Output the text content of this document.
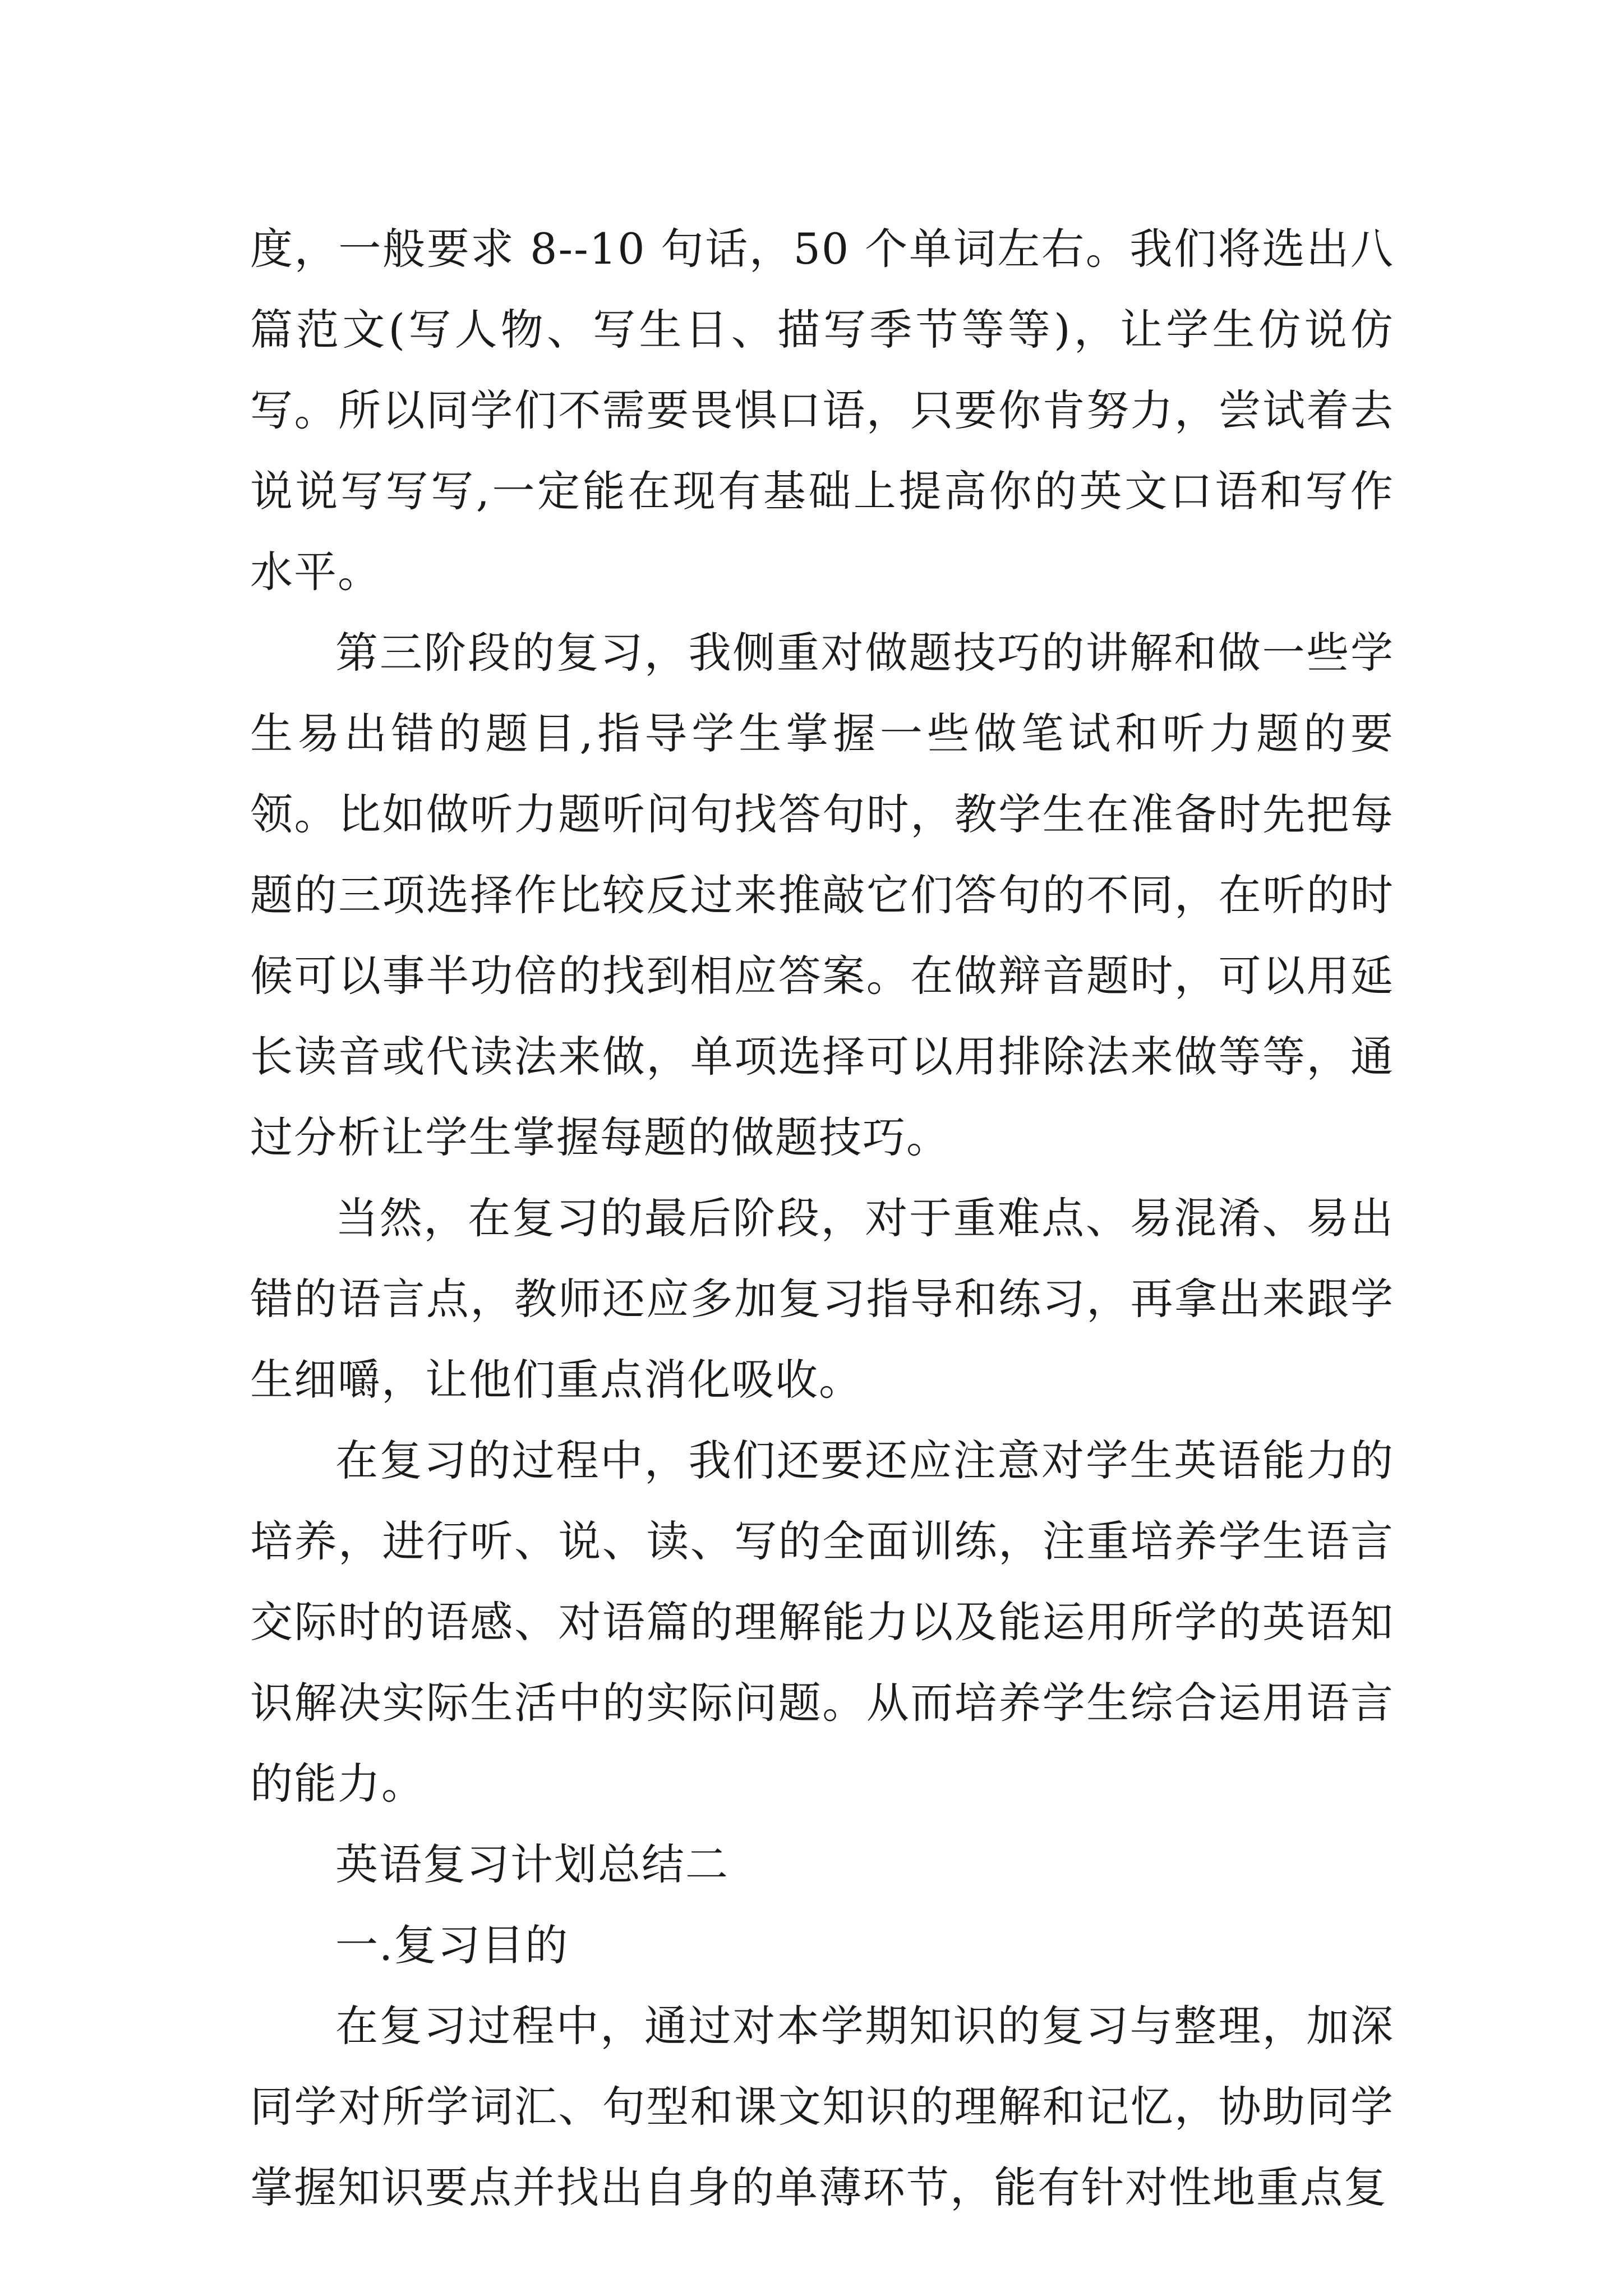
度，一般要求 8--10 句话，50 个单词左右。我们将选出八篇范文(写人物、写生日、描写季节等等)，让学生仿说仿写。所以同学们不需要畏惧口语，只要你肯努力，尝试着去说说写写写,一定能在现有基础上提高你的英文口语和写作水平。

第三阶段的复习，我侧重对做题技巧的讲解和做一些学生易出错的题目,指导学生掌握一些做笔试和听力题的要领。比如做听力题听问句找答句时，教学生在准备时先把每题的三项选择作比较反过来推敲它们答句的不同，在听的时候可以事半功倍的找到相应答案。在做辩音题时，可以用延长读音或代读法来做，单项选择可以用排除法来做等等，通过分析让学生掌握每题的做题技巧。

当然，在复习的最后阶段，对于重难点、易混淆、易出错的语言点，教师还应多加复习指导和练习，再拿出来跟学生细嚼，让他们重点消化吸收。

在复习的过程中，我们还要还应注意对学生英语能力的培养，进行听、说、读、写的全面训练，注重培养学生语言交际时的语感、对语篇的理解能力以及能运用所学的英语知识解决实际生活中的实际问题。从而培养学生综合运用语言的能力。

英语复习计划总结二

一.复习目的

在复习过程中，通过对本学期知识的复习与整理，加深同学对所学词汇、句型和课文知识的理解和记忆，协助同学掌握知识要点并找出自身的单薄环节，能有针对性地重点复
